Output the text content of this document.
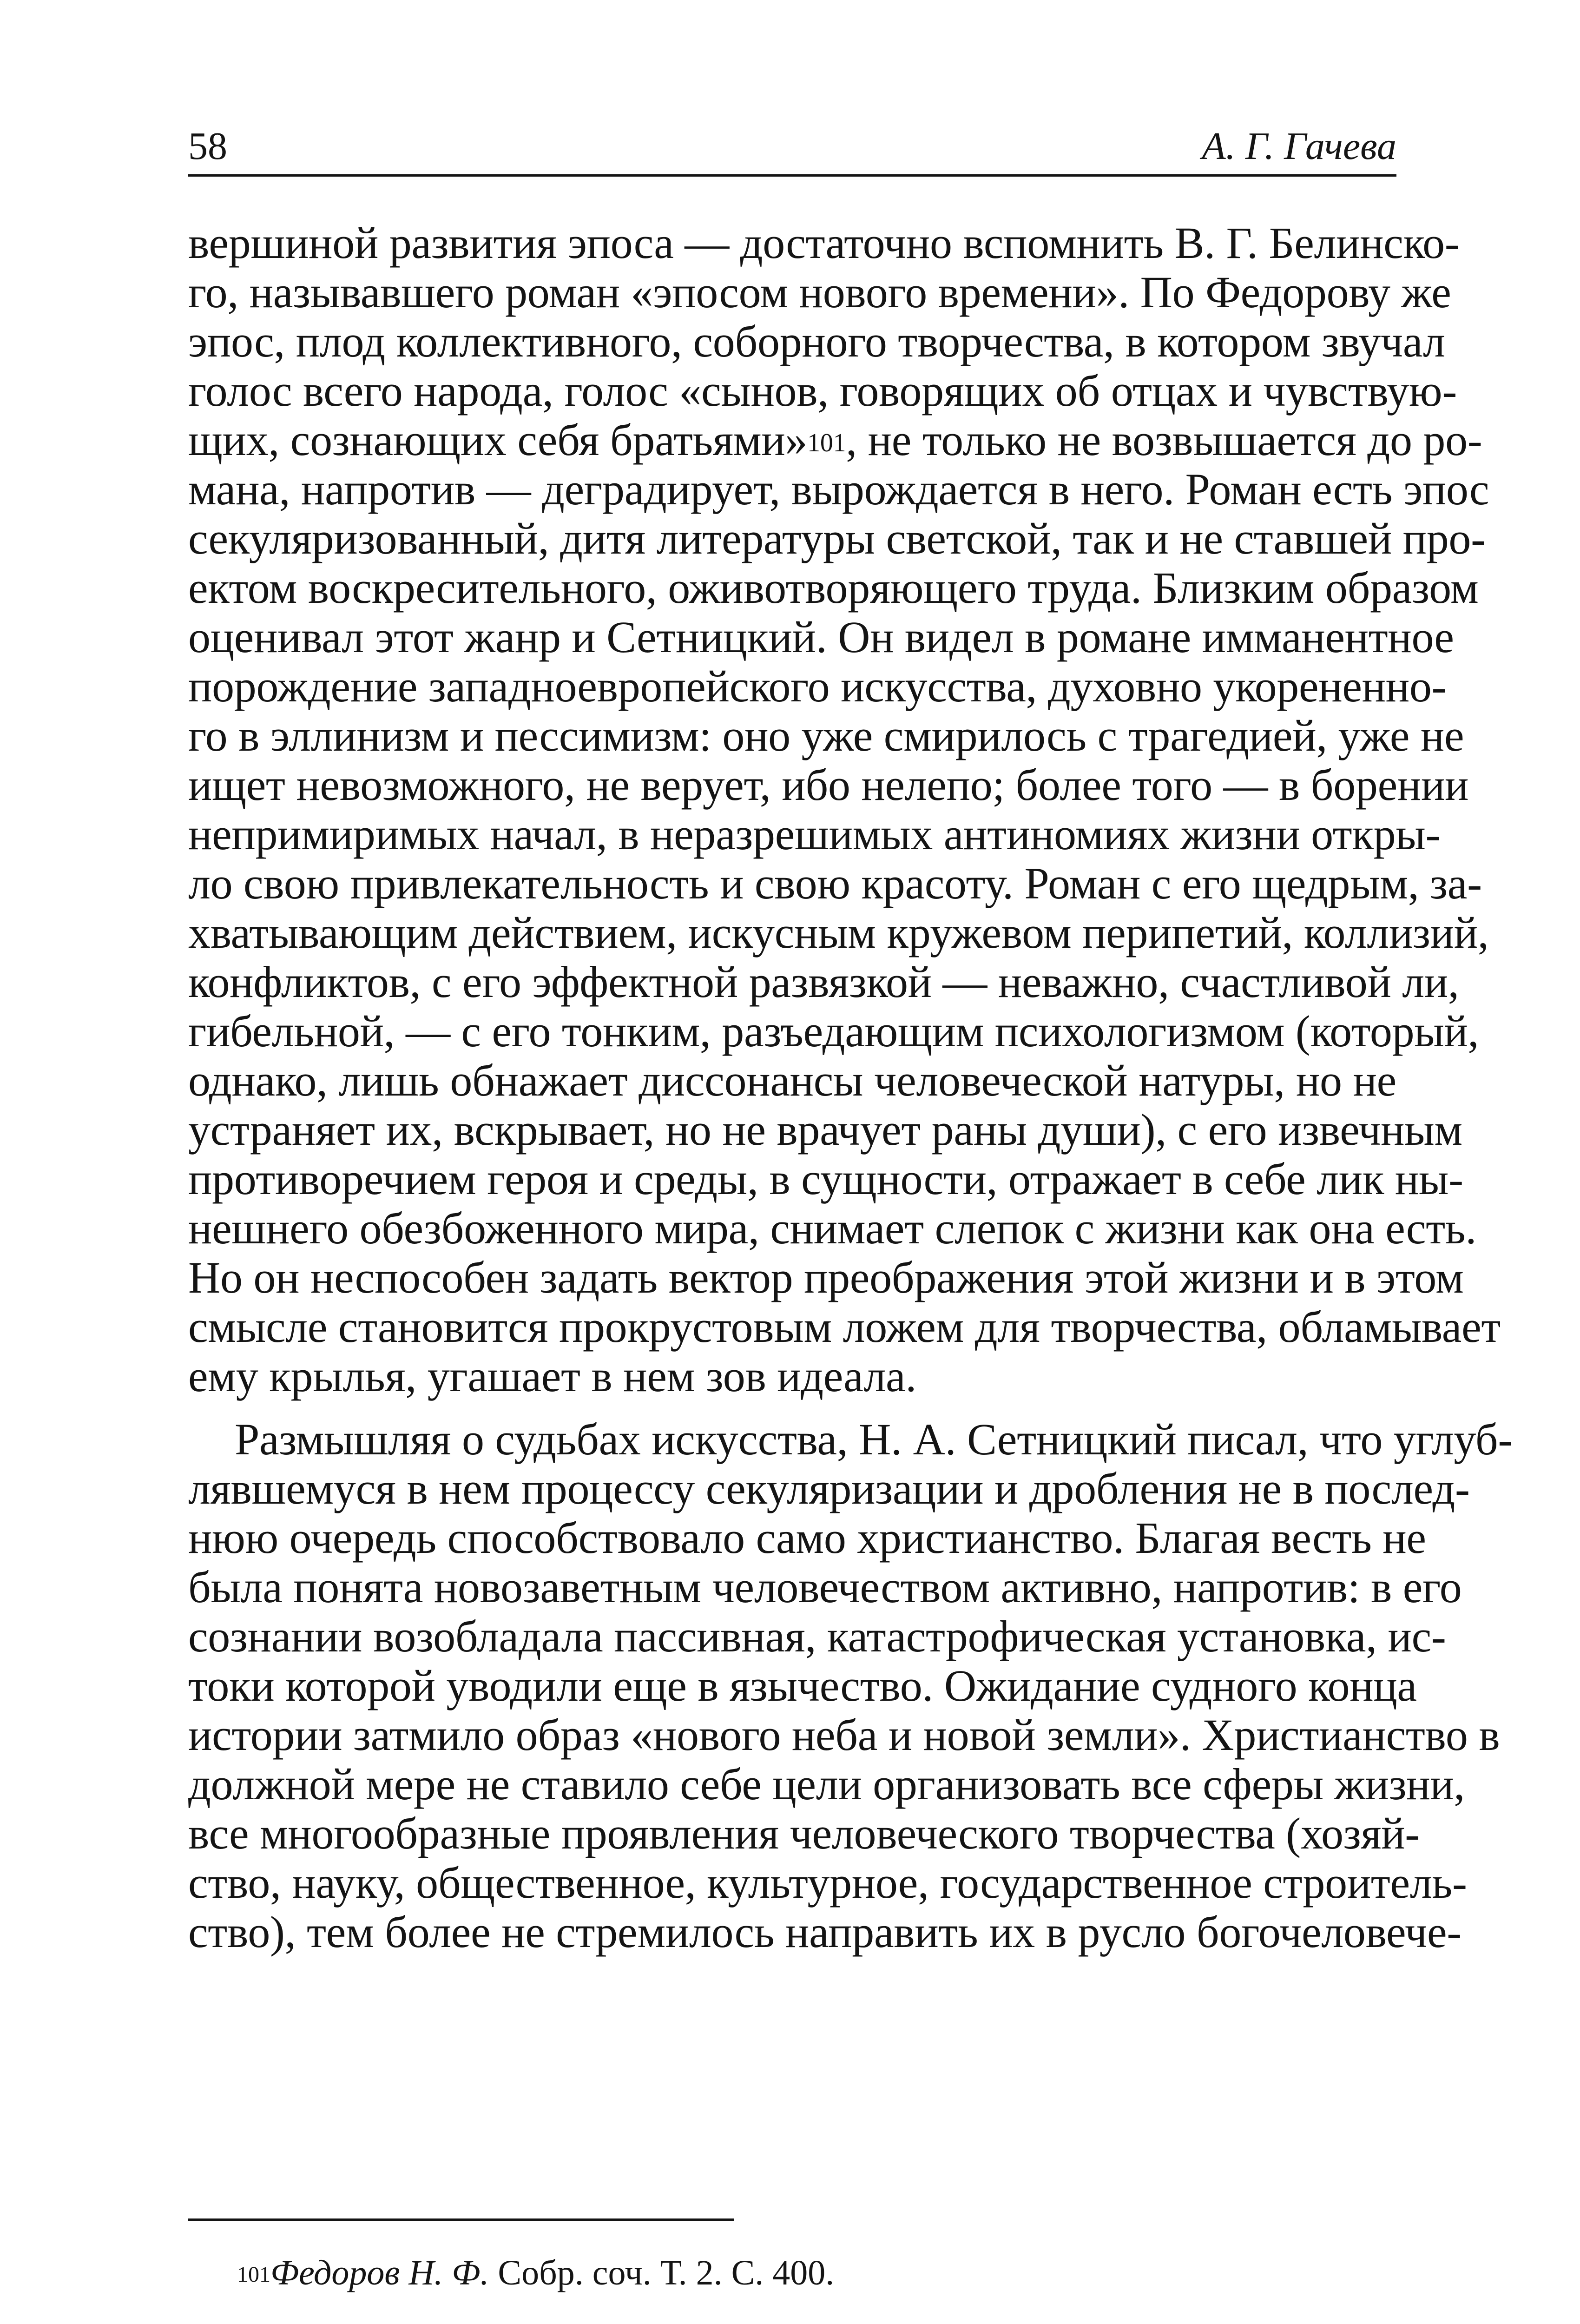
58	А. Г. Гачева
вершиной развития эпоса — достаточно вспомнить В. Г. Белинско-
го, называвшего роман «эпосом нового времени». По Федорову же
эпос, плод коллективного, соборного творчества, в котором звучал
голос всего народа, голос «сынов, говорящих об отцах и чувствую-
щих, сознающих себя братьями»$^{101}$, не только не возвышается до ро-
мана, напротив — деградирует, вырождается в него. Роман есть эпос
секуляризованный, дитя литературы светской, так и не ставшей про-
ектом воскресительного, оживотворяющего труда. Близким образом
оценивал этот жанр и Сетницкий. Он видел в романе имманентное
порождение западноевропейского искусства, духовно укорененно-
го в эллинизм и пессимизм: оно уже смирилось с трагедией, уже не
ищет невозможного, не верует, ибо нелепо; более того — в борении
непримиримых начал, в неразрешимых антиномиях жизни откры-
ло свою привлекательность и свою красоту. Роман с его щедрым, за-
хватывающим действием, искусным кружевом перипетий, коллизий,
конфликтов, с его эффектной развязкой — неважно, счастливой ли,
гибельной, — с его тонким, разъедающим психологизмом (который,
однако, лишь обнажает диссонансы человеческой натуры, но не
устраняет их, вскрывает, но не врачует раны души), с его извечным
противоречием героя и среды, в сущности, отражает в себе лик ны-
нешнего обезбоженного мира, снимает слепок с жизни как она есть.
Но он неспособен задать вектор преображения этой жизни и в этом
смысле становится прокрустовым ложем для творчества, обламывает
ему крылья, угашает в нем зов идеала.
Размышляя о судьбах искусства, Н. А. Сетницкий писал, что углуб-
лявшемуся в нем процессу секуляризации и дробления не в послед-
нюю очередь способствовало само христианство. Благая весть не
была понята новозаветным человечеством активно, напротив: в его
сознании возобладала пассивная, катастрофическая установка, ис-
токи которой уводили еще в язычество. Ожидание судного конца
истории затмило образ «нового неба и новой земли». Христианство в
должной мере не ставило себе цели организовать все сферы жизни,
все многообразные проявления человеческого творчества (хозяй-
ство, науку, общественное, культурное, государственное строитель-
ство), тем более не стремилось направить их в русло богочеловече-
$^{101}$Федоров Н. Ф. Собр. соч. Т. 2. С. 400.
